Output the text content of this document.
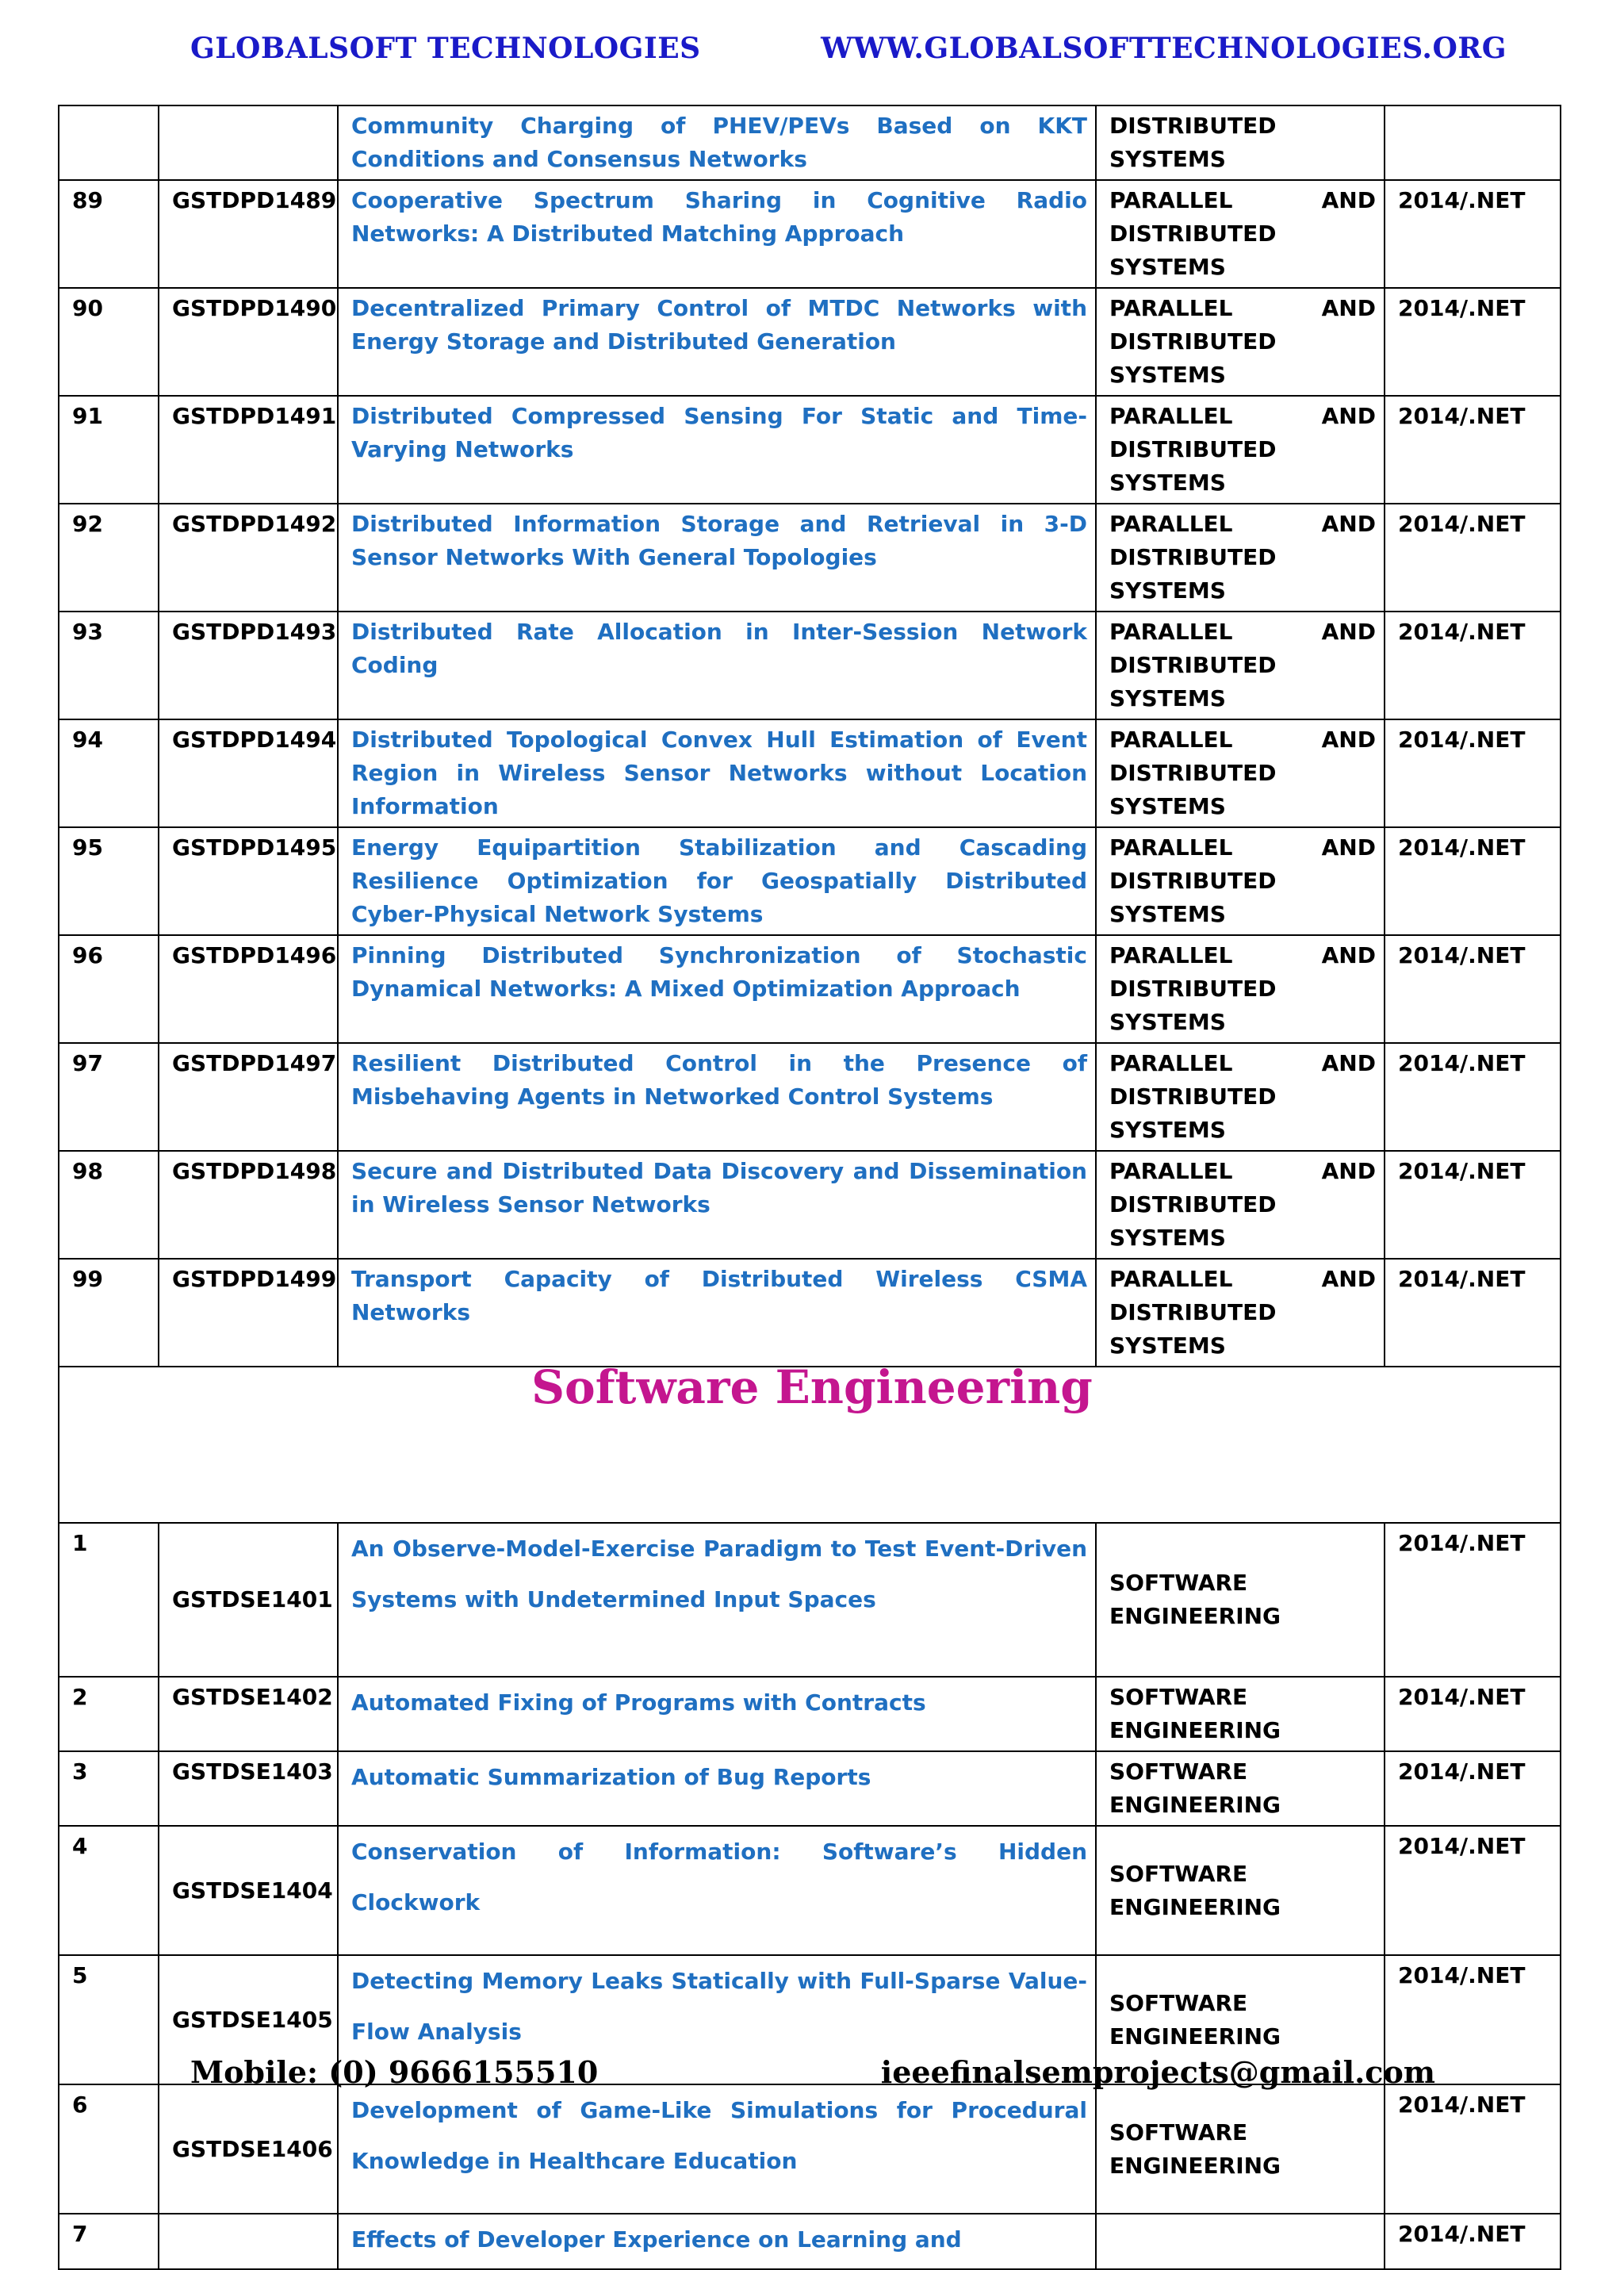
GLOBALSOFT TECHNOLOGIES	WWW.GLOBALSOFTTECHNOLOGIES.ORG
		Community Charging of PHEV/PEVs Based on KKT Conditions and Consensus Networks	DISTRIBUTED SYSTEMS	

89	GSTDPD1489	Cooperative Spectrum Sharing in Cognitive Radio Networks: A Distributed Matching Approach	PARALLEL AND
DISTRIBUTED SYSTEMS	2014/.NET
90	GSTDPD1490	Decentralized Primary Control of MTDC Networks with Energy Storage and Distributed Generation	PARALLEL AND
DISTRIBUTED SYSTEMS	2014/.NET
91	GSTDPD1491	Distributed Compressed Sensing For Static and Time-Varying Networks	PARALLEL AND
DISTRIBUTED SYSTEMS	2014/.NET
92	GSTDPD1492	Distributed Information Storage and Retrieval in 3-D Sensor Networks With General Topologies	PARALLEL AND
DISTRIBUTED SYSTEMS	2014/.NET
93	GSTDPD1493	Distributed Rate Allocation in Inter-Session Network Coding	PARALLEL AND
DISTRIBUTED SYSTEMS	2014/.NET
94	GSTDPD1494	Distributed Topological Convex Hull Estimation of Event Region in Wireless Sensor Networks without Location Information	PARALLEL AND
DISTRIBUTED SYSTEMS	2014/.NET
95	GSTDPD1495	Energy Equipartition Stabilization and Cascading Resilience Optimization for Geospatially Distributed Cyber-Physical Network Systems	PARALLEL AND
DISTRIBUTED SYSTEMS	2014/.NET
96	GSTDPD1496	Pinning Distributed Synchronization of Stochastic Dynamical Networks: A Mixed Optimization Approach	PARALLEL AND
DISTRIBUTED SYSTEMS	2014/.NET
97	GSTDPD1497	Resilient Distributed Control in the Presence of Misbehaving Agents in Networked Control Systems	PARALLEL AND
DISTRIBUTED SYSTEMS	2014/.NET
98	GSTDPD1498	Secure and Distributed Data Discovery and Dissemination in Wireless Sensor Networks	PARALLEL AND
DISTRIBUTED SYSTEMS	2014/.NET
99	GSTDPD1499	Transport Capacity of Distributed Wireless CSMA Networks	PARALLEL AND
DISTRIBUTED SYSTEMS	2014/.NET
Software Engineering				
1	GSTDSE1401	An Observe-Model-Exercise Paradigm to Test Event-Driven Systems with Undetermined Input Spaces	SOFTWARE
ENGINEERING	2014/.NET
2	GSTDSE1402	Automated Fixing of Programs with Contracts	SOFTWARE
ENGINEERING	2014/.NET
3	GSTDSE1403	Automatic Summarization of Bug Reports	SOFTWARE
ENGINEERING	2014/.NET
4	GSTDSE1404	Conservation of Information: Software’s Hidden Clockwork	SOFTWARE
ENGINEERING	2014/.NET
5	GSTDSE1405	Detecting Memory Leaks Statically with Full-Sparse Value-Flow Analysis	SOFTWARE
ENGINEERING	2014/.NET
6	GSTDSE1406	Development of Game-Like Simulations for Procedural Knowledge in Healthcare Education	SOFTWARE
ENGINEERING	2014/.NET
7		Effects of Developer Experience on Learning and		2014/.NET
Mobile: (0) 9666155510	ieeefinalsemprojects@gmail.com
